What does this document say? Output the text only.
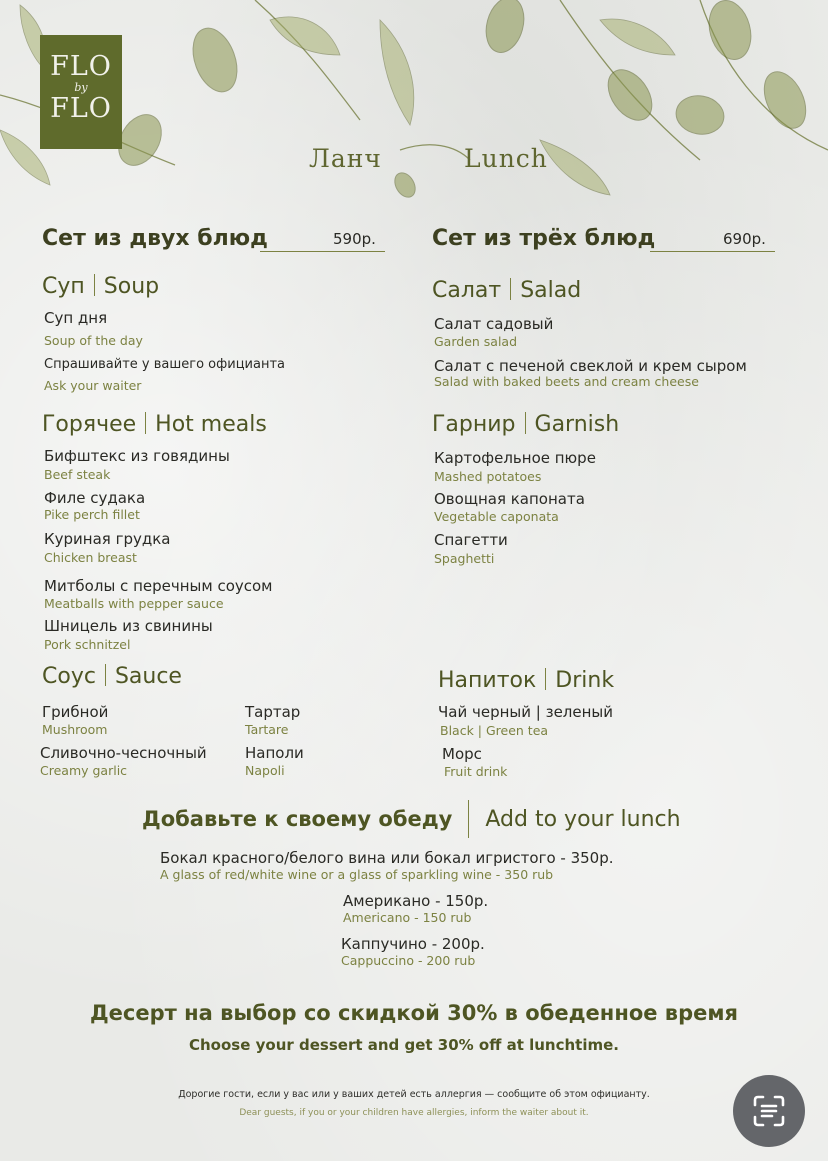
FLO
by
FLO
Ланч	Lunch
Сет из двух блюд	590р.	Сет из трёх блюд	690р.
Суп Soup
Суп дня
Soup of the day
Спрашивайте у вашего официанта
Ask your waiter
Салат Salad
Салат садовый
Garden salad
Салат с печеной свеклой и крем сыром
Salad with baked beets and cream cheese
Горячее Hot meals
Бифштекс из говядины
Beef steak
Филе судака
Pike perch fillet
Куриная грудка
Chicken breast
Митболы с перечным соусом
Meatballs with pepper sauce
Шницель из свинины
Pork schnitzel
Гарнир Garnish
Картофельное пюре
Mashed potatoes
Овощная капоната
Vegetable caponata
Спагетти
Spaghetti
Соус Sauce
Грибной
Mushroom
Тартар
Tartare
Сливочно-чесночный
Creamy garlic
Наполи
Napoli
Напиток Drink
Чай черный | зеленый
Black | Green tea
Морс
Fruit drink
Добавьте к своему обеду Add to your lunch
Бокал красного/белого вина или бокал игристого - 350р.
A glass of red/white wine or a glass of sparkling wine - 350 rub
Американо - 150р.
Americano - 150 rub
Каппучино - 200р.
Cappuccino - 200 rub
Десерт на выбор со скидкой 30% в обеденное время
Choose your dessert and get 30% off at lunchtime.
Дорогие гости, если у вас или у ваших детей есть аллергия — сообщите об этом официанту.
Dear guests, if you or your children have allergies, inform the waiter about it.
